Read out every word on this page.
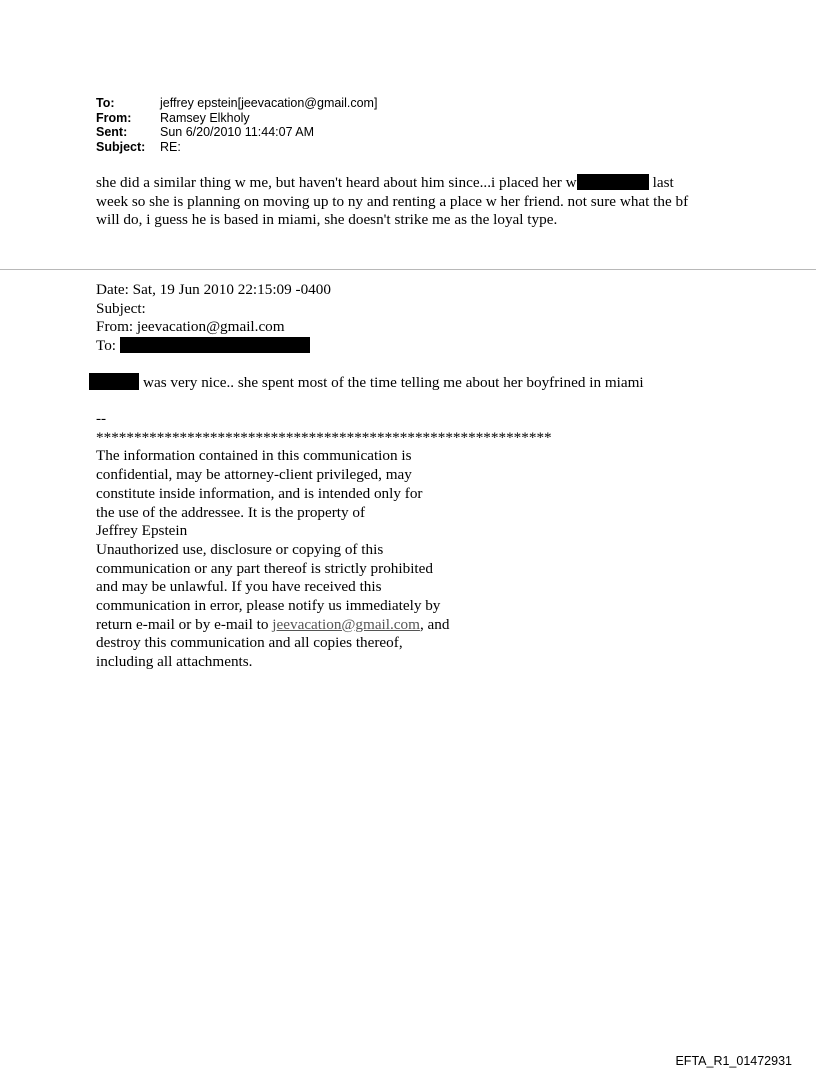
To:	jeffrey epstein[jeevacation@gmail.com]
From:	Ramsey Elkholy
Sent:	Sun 6/20/2010 11:44:07 AM
Subject:	RE:
she did a similar thing w me, but haven't heard about him since...i placed her w	last
week so she is planning on moving up to ny and renting a place w her friend. not sure what the bf
will do, i guess he is based in miami, she doesn't strike me as the loyal type.
Date: Sat, 19 Jun 2010 22:15:09 -0400
Subject:
From: jeevacation@gmail.com
To:
was very nice.. she spent most of the time telling me about her boyfrined in miami
--
************************************************************
The information contained in this communication is
confidential, may be attorney-client privileged, may
constitute inside information, and is intended only for
the use of the addressee. It is the property of
Jeffrey Epstein
Unauthorized use, disclosure or copying of this
communication or any part thereof is strictly prohibited
and may be unlawful. If you have received this
communication in error, please notify us immediately by
return e-mail or by e-mail to jeevacation@gmail.com, and
destroy this communication and all copies thereof,
including all attachments.
EFTA_R1_01472931
